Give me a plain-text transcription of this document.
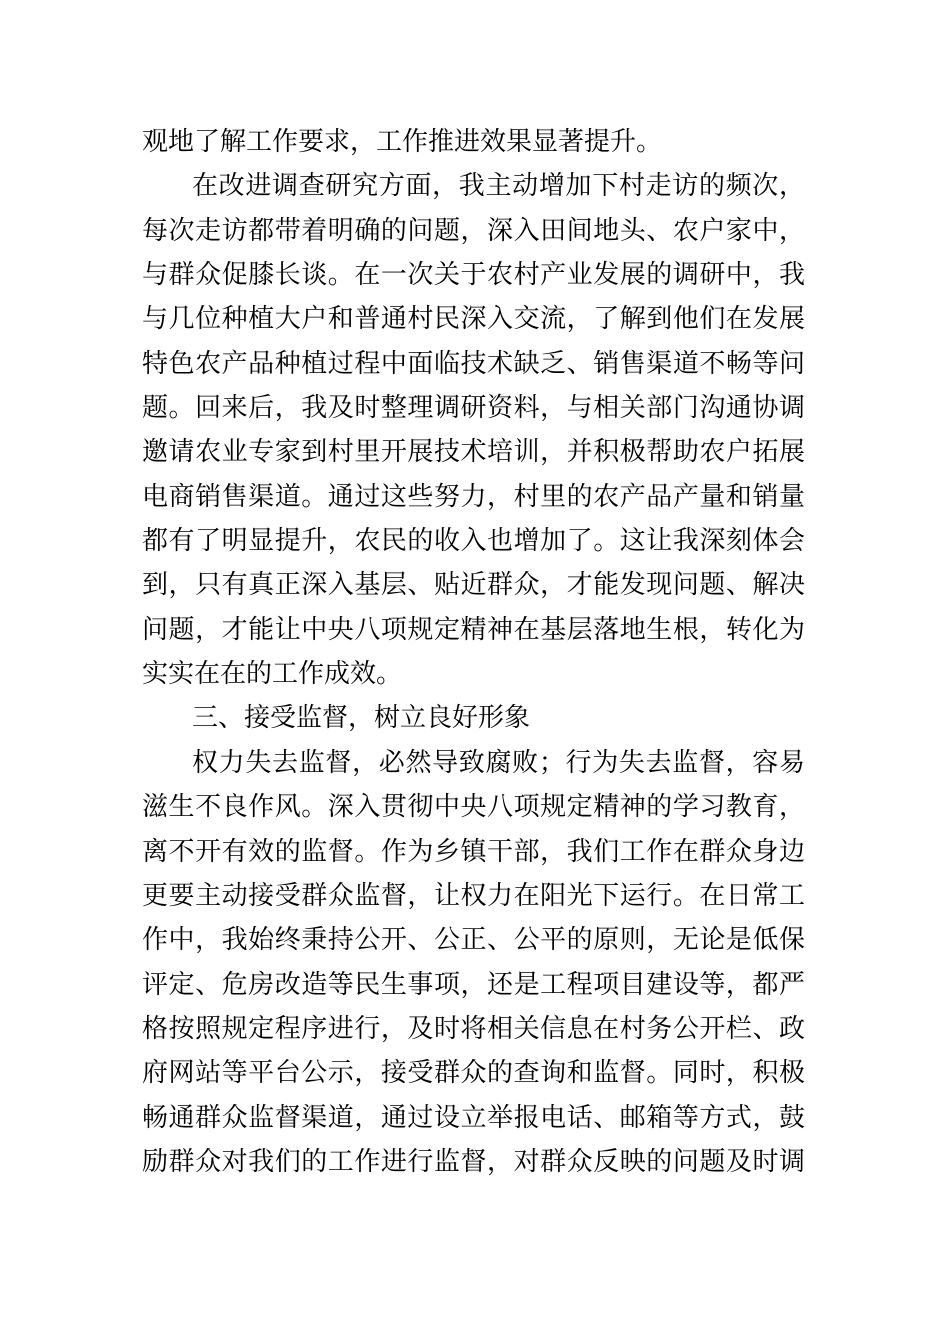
观地了解工作要求，工作推进效果显著提升。
在改进调查研究方面，我主动增加下村走访的频次，
每次走访都带着明确的问题，深入田间地头、农户家中，
与群众促膝长谈。在一次关于农村产业发展的调研中，我
与几位种植大户和普通村民深入交流，了解到他们在发展
特色农产品种植过程中面临技术缺乏、销售渠道不畅等问
题。回来后，我及时整理调研资料，与相关部门沟通协调
邀请农业专家到村里开展技术培训，并积极帮助农户拓展
电商销售渠道。通过这些努力，村里的农产品产量和销量
都有了明显提升，农民的收入也增加了。这让我深刻体会
到，只有真正深入基层、贴近群众，才能发现问题、解决
问题，才能让中央八项规定精神在基层落地生根，转化为
实实在在的工作成效。
三、接受监督，树立良好形象
权力失去监督，必然导致腐败；行为失去监督，容易
滋生不良作风。深入贯彻中央八项规定精神的学习教育，
离不开有效的监督。作为乡镇干部，我们工作在群众身边
更要主动接受群众监督，让权力在阳光下运行。在日常工
作中，我始终秉持公开、公正、公平的原则，无论是低保
评定、危房改造等民生事项，还是工程项目建设等，都严
格按照规定程序进行，及时将相关信息在村务公开栏、政
府网站等平台公示，接受群众的查询和监督。同时，积极
畅通群众监督渠道，通过设立举报电话、邮箱等方式，鼓
励群众对我们的工作进行监督，对群众反映的问题及时调
